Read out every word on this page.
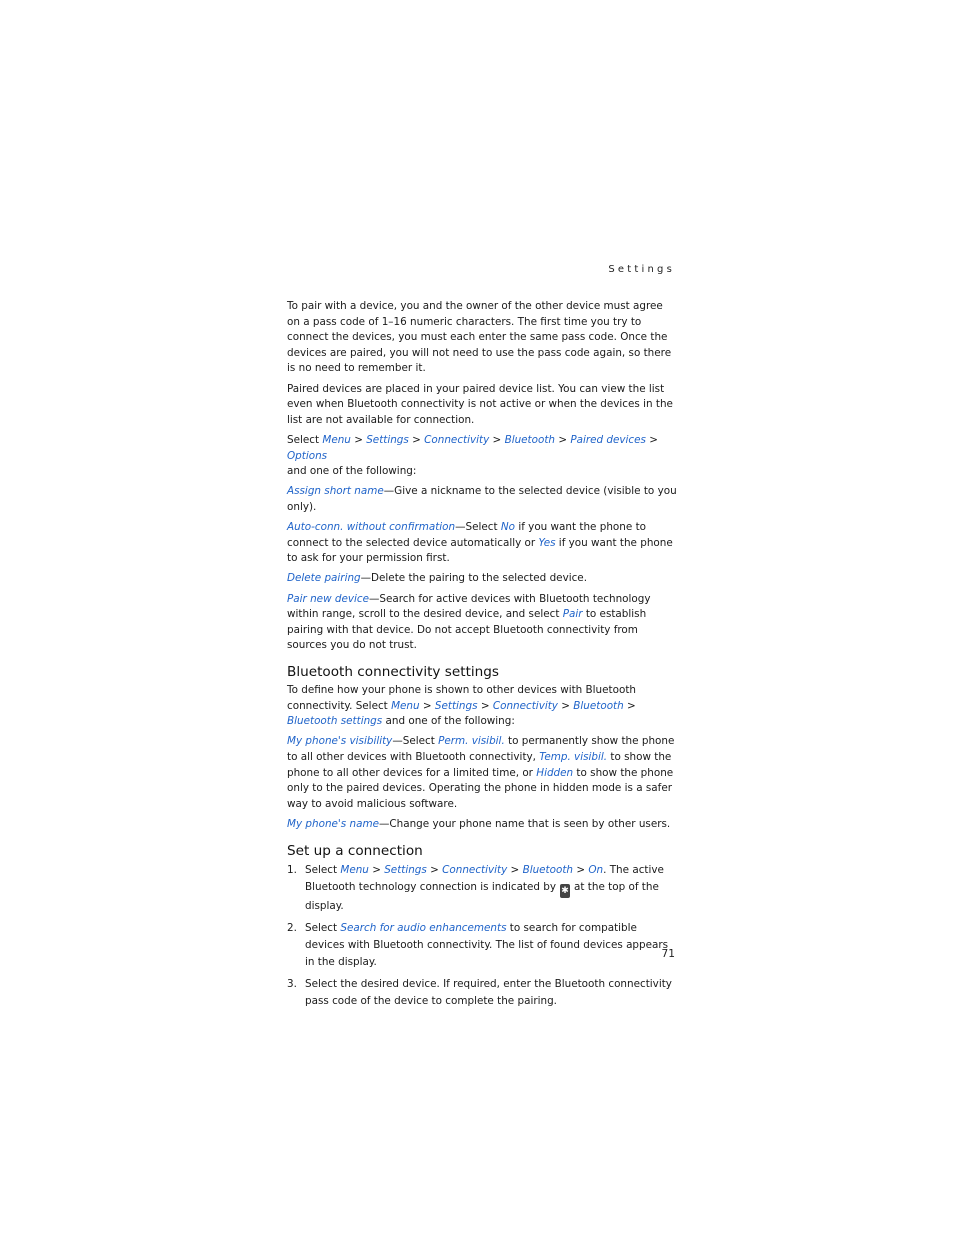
Settings

To pair with a device, you and the owner of the other device must agree on a pass code of 1–16 numeric characters. The first time you try to connect the devices, you must each enter the same pass code. Once the devices are paired, you will not need to use the pass code again, so there is no need to remember it.

Paired devices are placed in your paired device list. You can view the list even when Bluetooth connectivity is not active or when the devices in the list are not available for connection.

Select Menu > Settings > Connectivity > Bluetooth > Paired devices > Options
and one of the following:

Assign short name—Give a nickname to the selected device (visible to you only).

Auto-conn. without confirmation—Select No if you want the phone to connect to the selected device automatically or Yes if you want the phone to ask for your permission first.

Delete pairing—Delete the pairing to the selected device.

Pair new device—Search for active devices with Bluetooth technology within range, scroll to the desired device, and select Pair to establish pairing with that device. Do not accept Bluetooth connectivity from sources you do not trust.

Bluetooth connectivity settings

To define how your phone is shown to other devices with Bluetooth connectivity. Select Menu > Settings > Connectivity > Bluetooth > Bluetooth settings and one of the following:

My phone's visibility—Select Perm. visibil. to permanently show the phone to all other devices with Bluetooth connectivity, Temp. visibil. to show the phone to all other devices for a limited time, or Hidden to show the phone only to the paired devices. Operating the phone in hidden mode is a safer way to avoid malicious software.

My phone's name—Change your phone name that is seen by other users.

Set up a connection
1. Select Menu > Settings > Connectivity > Bluetooth > On. The active Bluetooth technology connection is indicated by ✱ at the top of the display.
2. Select Search for audio enhancements to search for compatible devices with Bluetooth connectivity. The list of found devices appears in the display.
3. Select the desired device. If required, enter the Bluetooth connectivity pass code of the device to complete the pairing.
71
